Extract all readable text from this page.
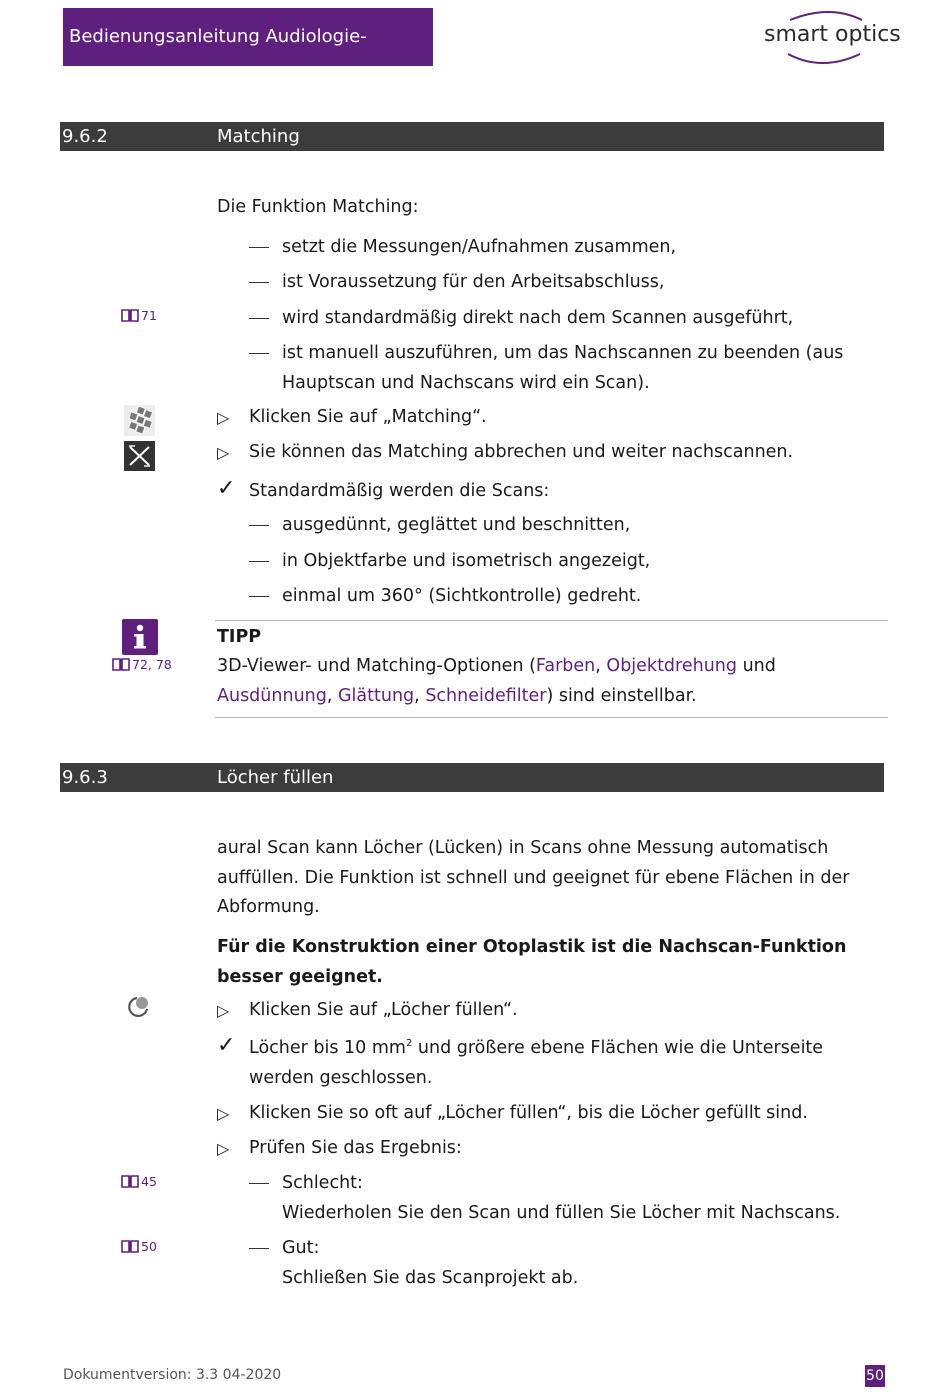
Bedienungsanleitung Audiologie-Scanner
smart optics
9.6.2	Matching
Die Funktion Matching:
setzt die Messungen/Aufnahmen zusammen,
ist Voraussetzung für den Arbeitsabschluss,
wird standardmäßig direkt nach dem Scannen ausgeführt,
ist manuell auszuführen, um das Nachscannen zu beenden (aus Hauptscan und Nachscans wird ein Scan).
71
▷ Klicken Sie auf „Matching“.
▷ Sie können das Matching abbrechen und weiter nachscannen.
✓ Standardmäßig werden die Scans:
ausgedünnt, geglättet und beschnitten,
in Objektfarbe und isometrisch angezeigt,
einmal um 360° (Sichtkontrolle) gedreht.
72, 78
TIPP
3D-Viewer- und Matching-Optionen (Farben, Objektdrehung und Ausdünnung, Glättung, Schneidefilter) sind einstellbar.
9.6.3	Löcher füllen
aural Scan kann Löcher (Lücken) in Scans ohne Messung automatisch auffüllen. Die Funktion ist schnell und geeignet für ebene Flächen in der Abformung.
Für die Konstruktion einer Otoplastik ist die Nachscan-Funktion besser geeignet.
▷ Klicken Sie auf „Löcher füllen“.
✓ Löcher bis 10 $mm^2$ und größere ebene Flächen wie die Unterseite werden geschlossen.
▷ Klicken Sie so oft auf „Löcher füllen“, bis die Löcher gefüllt sind.
▷ Prüfen Sie das Ergebnis:
45	Schlecht:
Wiederholen Sie den Scan und füllen Sie Löcher mit Nachscans.
50	Gut:
Schließen Sie das Scanprojekt ab.
Dokumentversion: 3.3 04-2020	50
